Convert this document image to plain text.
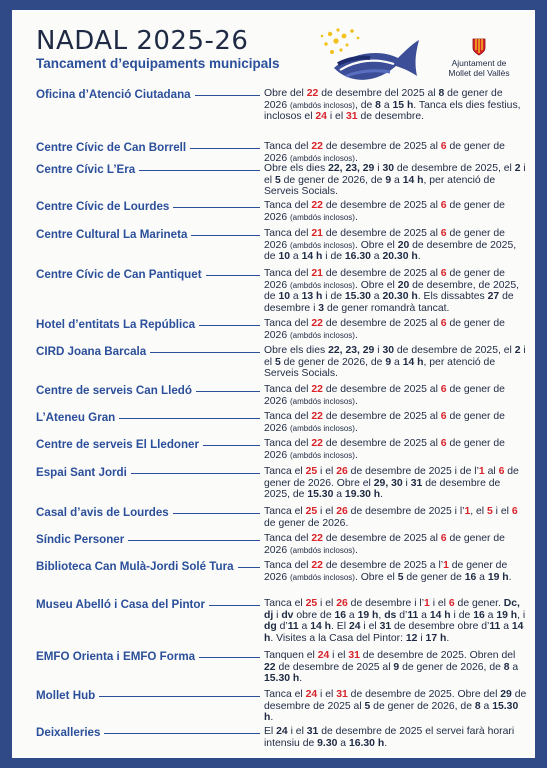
NADAL 2025-26
Tancament d’equipaments municipals	Ajuntament de
Mollet del Vallès
Oficina d’Atenció Ciutadana	Obre del 22 de desembre del 2025 al 8 de gener de 2026 (ambdós inclosos), de 8 a 15 h. Tanca els dies festius, inclosos el 24 i el 31 de desembre.
Centre Cívic de Can Borrell	Tanca del 22 de desembre de 2025 al 6 de gener de 2026 (ambdós inclosos).
Centre Cívic L’Era	Obre els dies 22, 23, 29 i 30 de desembre de 2025, el 2 i el 5 de gener de 2026, de 9 a 14 h, per atenció de Serveis Socials.
Centre Cívic de Lourdes	Tanca del 22 de desembre de 2025 al 6 de gener de 2026 (ambdós inclosos).
Centre Cultural La Marineta	Tanca del 21 de desembre de 2025 al 6 de gener de 2026 (ambdós inclosos). Obre el 20 de desembre de 2025, de 10 a 14 h i de 16.30 a 20.30 h.
Centre Cívic de Can Pantiquet	Tanca del 21 de desembre de 2025 al 6 de gener de 2026 (ambdós inclosos). Obre el 20 de desembre, de 2025, de 10 a 13 h i de 15.30 a 20.30 h. Els dissabtes 27 de desembre i 3 de gener romandrà tancat.
Hotel d’entitats La República	Tanca del 22 de desembre de 2025 al 6 de gener de 2026 (ambdós inclosos).
CIRD Joana Barcala	Obre els dies 22, 23, 29 i 30 de desembre de 2025, el 2 i el 5 de gener de 2026, de 9 a 14 h, per atenció de Serveis Socials.
Centre de serveis Can Lledó	Tanca del 22 de desembre de 2025 al 6 de gener de 2026 (ambdós inclosos).
L’Ateneu Gran	Tanca del 22 de desembre de 2025 al 6 de gener de 2026 (ambdós inclosos).
Centre de serveis El Lledoner	Tanca del 22 de desembre de 2025 al 6 de gener de 2026 (ambdós inclosos).
Espai Sant Jordi	Tanca el 25 i el 26 de desembre de 2025 i de l’1 al 6 de gener de 2026. Obre el 29, 30 i 31 de desembre de 2025, de 15.30 a 19.30 h.
Casal d’avis de Lourdes	Tanca el 25 i el 26 de desembre de 2025 i l’1, el 5 i el 6 de gener de 2026.
Síndic Personer	Tanca del 22 de desembre de 2025 al 6 de gener de 2026 (ambdós inclosos).
Biblioteca Can Mulà-Jordi Solé Tura	Tanca del 22 de desembre de 2025 a l’1 de gener de 2026 (ambdós inclosos). Obre el 5 de gener de 16 a 19 h.
Museu Abelló i Casa del Pintor	Tanca el 25 i el 26 de desembre i l’1 i el 6 de gener. Dc, dj i dv obre de 16 a 19 h, ds d’11 a 14 h i de 16 a 19 h, i dg d’11 a 14 h. El 24 i el 31 de desembre obre d’11 a 14 h. Visites a la Casa del Pintor: 12 i 17 h.
EMFO Orienta i EMFO Forma	Tanquen el 24 i el 31 de desembre de 2025. Obren del 22 de desembre de 2025 al 9 de gener de 2026, de 8 a 15.30 h.
Mollet Hub	Tanca el 24 i el 31 de desembre de 2025. Obre del 29 de desembre de 2025 al 5 de gener de 2026, de 8 a 15.30 h.
Deixalleries	El 24 i el 31 de desembre de 2025 el servei farà horari intensiu de 9.30 a 16.30 h.
